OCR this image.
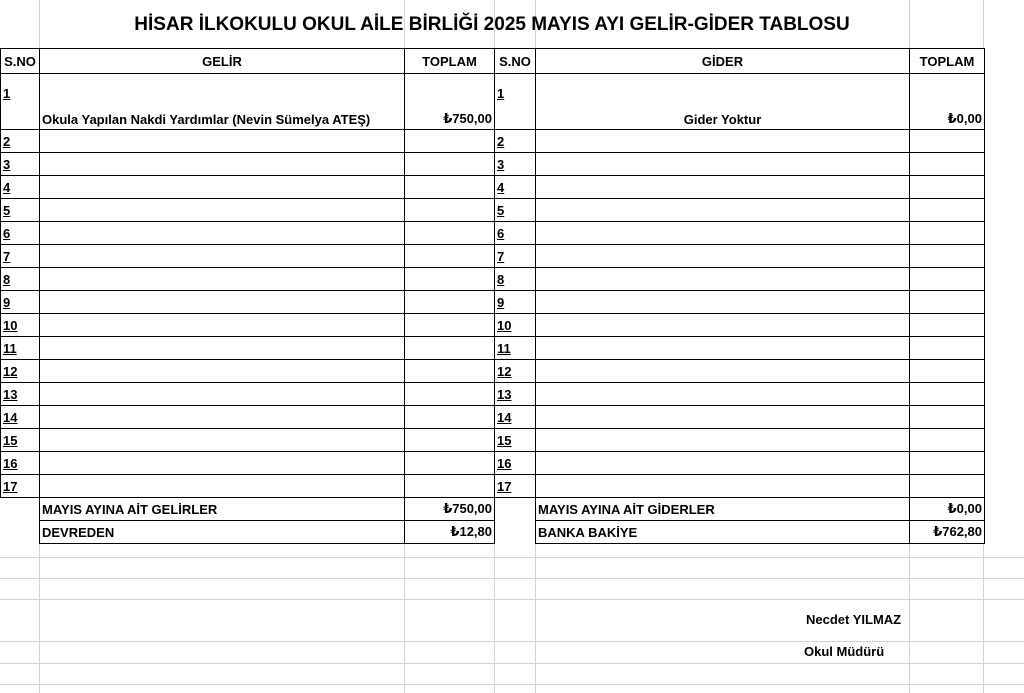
HİSAR İLKOKULU OKUL AİLE BİRLİĞİ 2025 MAYIS AYI GELİR-GİDER TABLOSU
S.NO	GELİR	TOPLAM	S.NO	GİDER	TOPLAM
1	Okula Yapılan Nakdi Yardımlar (Nevin Sümelya ATEŞ)	₺750,00	1	Gider Yoktur	₺0,00
2			2		
3			3		
4			4		
5			5		
6			6		
7			7		
8			8		
9			9		
10			10		
11			11		
12			12		
13			13		
14			14		
15			15		
16			16		
17			17		
	MAYIS AYINA AİT GELİRLER	₺750,00		MAYIS AYINA AİT GİDERLER	₺0,00
	DEVREDEN	₺12,80		BANKA BAKİYE	₺762,80
Necdet YILMAZ
Okul Müdürü
